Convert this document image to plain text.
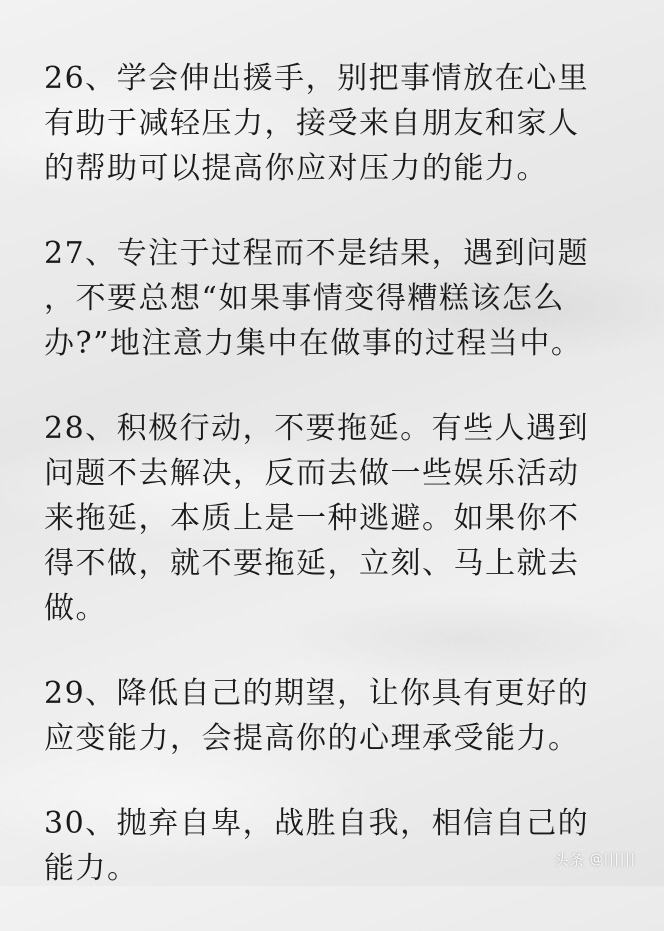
26、学会伸出援手，别把事情放在心里

有助于减轻压力，接受来自朋友和家人

的帮助可以提高你应对压力的能力。

27、专注于过程而不是结果，遇到问题

，不要总想“如果事情变得糟糕该怎么

办?”地注意力集中在做事的过程当中。

28、积极行动，不要拖延。有些人遇到

问题不去解决，反而去做一些娱乐活动

来拖延，本质上是一种逃避。如果你不

得不做，就不要拖延，立刻、马上就去

做。

29、降低自己的期望，让你具有更好的

应变能力，会提高你的心理承受能力。

30、抛弃自卑，战胜自我，相信自己的

能力。	头条 @||||||
